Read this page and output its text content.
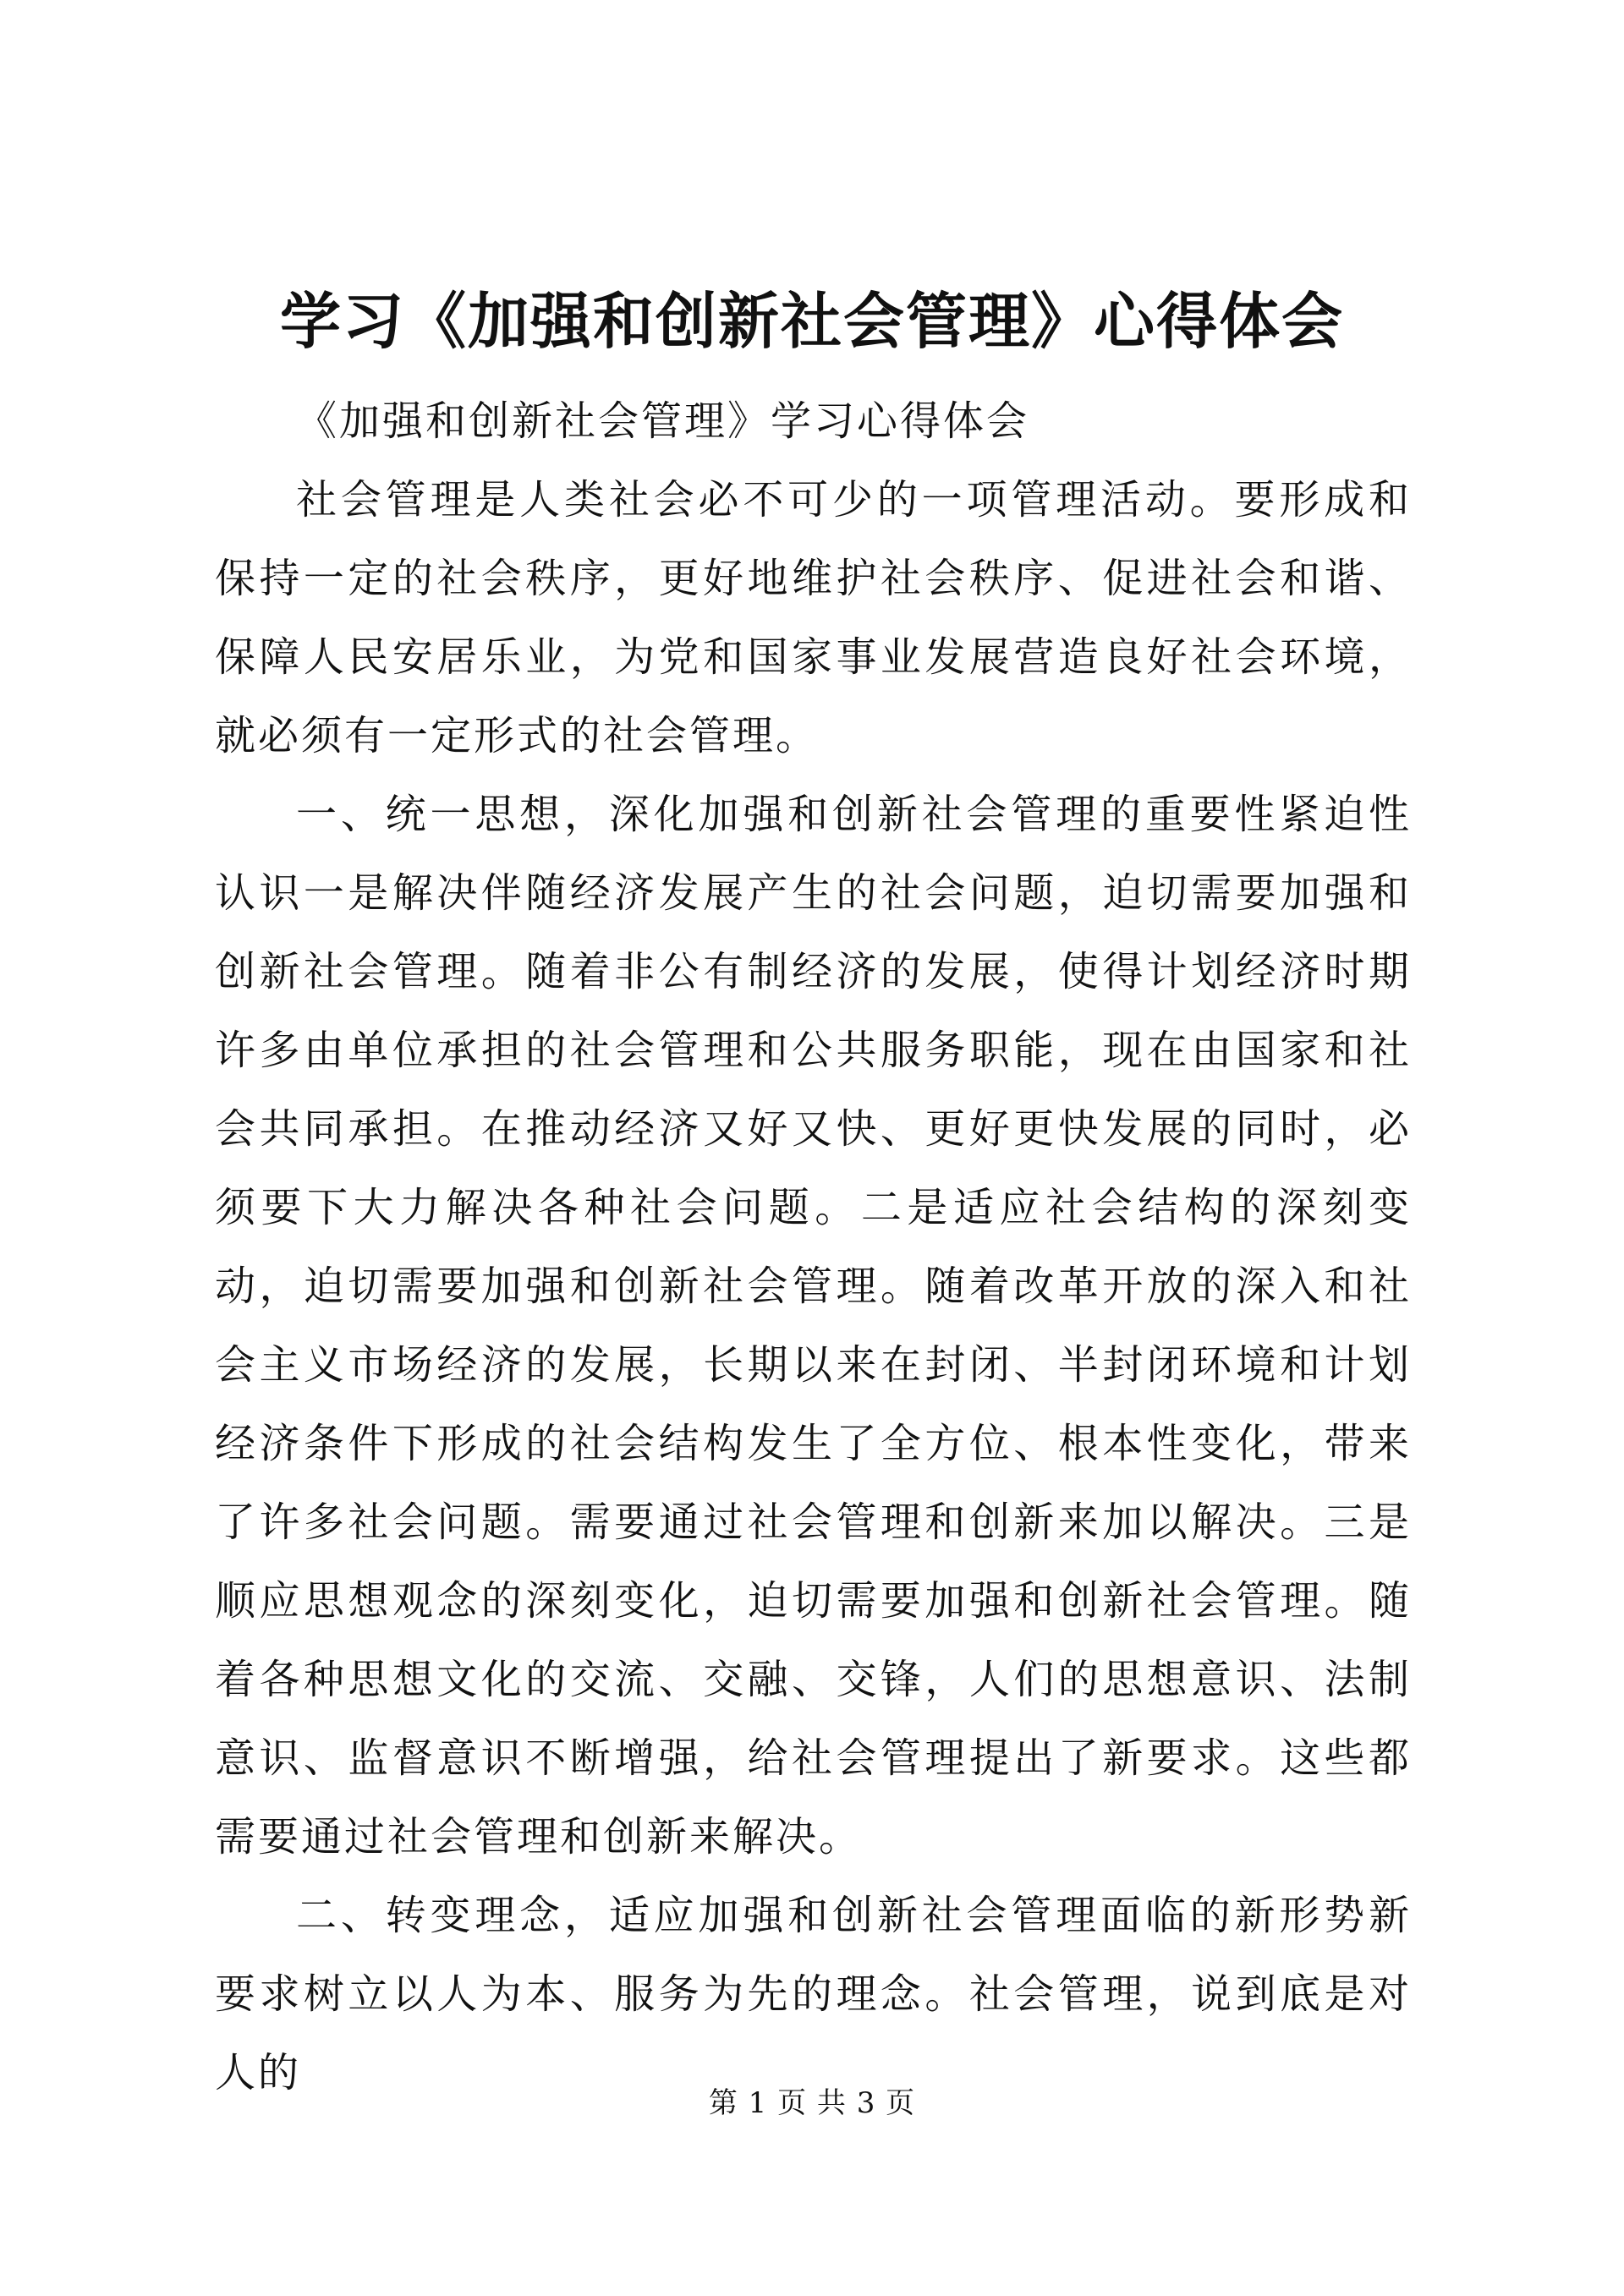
学习《加强和创新社会管理》心得体会

《加强和创新社会管理》学习心得体会

社会管理是人类社会必不可少的一项管理活动。要形成和保持一定的社会秩序，更好地维护社会秩序、促进社会和谐、保障人民安居乐业，为党和国家事业发展营造良好社会环境，就必须有一定形式的社会管理。

一、统一思想，深化加强和创新社会管理的重要性紧迫性认识一是解决伴随经济发展产生的社会问题，迫切需要加强和创新社会管理。随着非公有制经济的发展，使得计划经济时期许多由单位承担的社会管理和公共服务职能，现在由国家和社会共同承担。在推动经济又好又快、更好更快发展的同时，必须要下大力解决各种社会问题。二是适应社会结构的深刻变动，迫切需要加强和创新社会管理。随着改革开放的深入和社会主义市场经济的发展，长期以来在封闭、半封闭环境和计划经济条件下形成的社会结构发生了全方位、根本性变化，带来了许多社会问题。需要通过社会管理和创新来加以解决。三是顺应思想观念的深刻变化，迫切需要加强和创新社会管理。随着各种思想文化的交流、交融、交锋，人们的思想意识、法制意识、监督意识不断增强，给社会管理提出了新要求。这些都需要通过社会管理和创新来解决。

二、转变理念，适应加强和创新社会管理面临的新形势新要求树立以人为本、服务为先的理念。社会管理，说到底是对人的

第 1 页 共 3 页
